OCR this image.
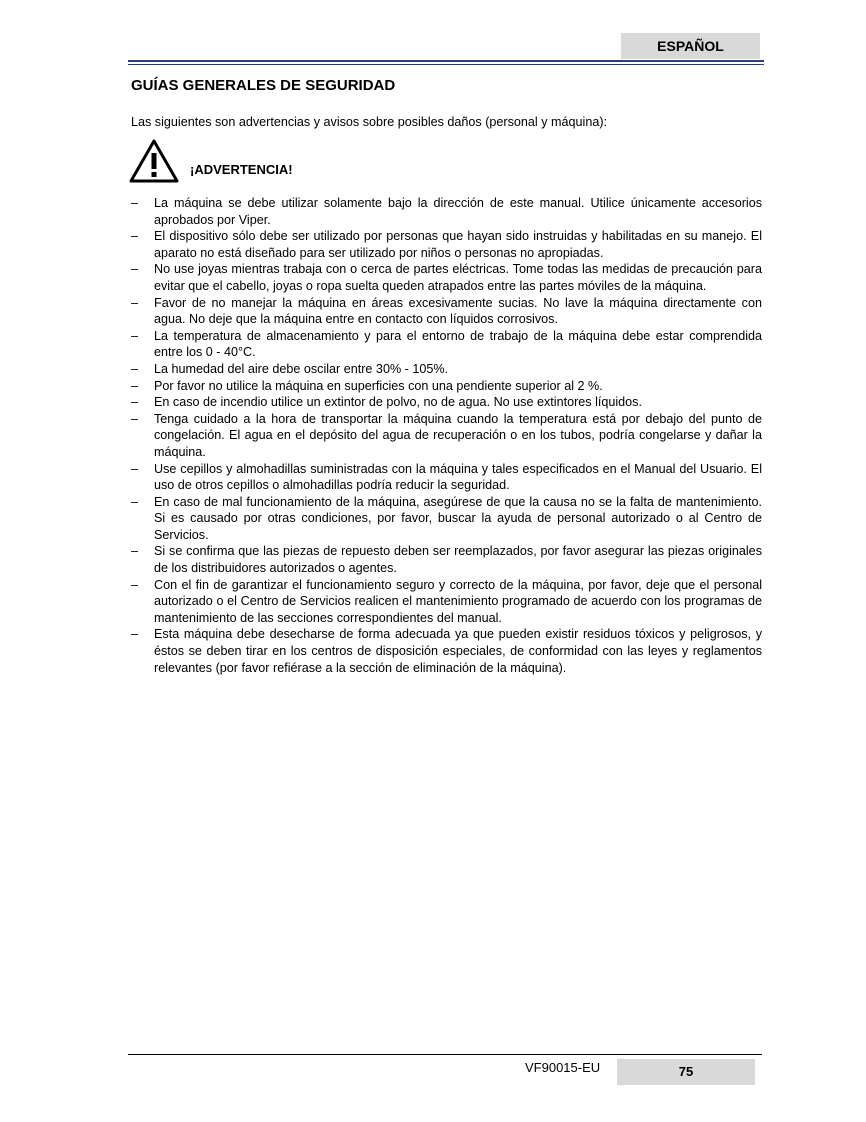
ESPAÑOL
GUÍAS GENERALES DE SEGURIDAD

Las siguientes son advertencias y avisos sobre posibles daños (personal y máquina):

¡ADVERTENCIA!
– La máquina se debe utilizar solamente bajo la dirección de este manual. Utilice únicamente accesorios aprobados por Viper.
– El dispositivo sólo debe ser utilizado por personas que hayan sido instruidas y habilitadas en su manejo. El aparato no está diseñado para ser utilizado por niños o personas no apropiadas.
– No use joyas mientras trabaja con o cerca de partes eléctricas. Tome todas las medidas de precaución para evitar que el cabello, joyas o ropa suelta queden atrapados entre las partes móviles de la máquina.
– Favor de no manejar la máquina en áreas excesivamente sucias. No lave la máquina directamente con agua. No deje que la máquina entre en contacto con líquidos corrosivos.
– La temperatura de almacenamiento y para el entorno de trabajo de la máquina debe estar comprendida entre los 0 - 40°C.
– La humedad del aire debe oscilar entre 30% - 105%.
– Por favor no utilice la máquina en superficies con una pendiente superior al 2 %.
– En caso de incendio utilice un extintor de polvo, no de agua. No use extintores líquidos.
– Tenga cuidado a la hora de transportar la máquina cuando la temperatura está por debajo del punto de congelación. El agua en el depósito del agua de recuperación o en los tubos, podría congelarse y dañar la máquina.
– Use cepillos y almohadillas suministradas con la máquina y tales especificados en el Manual del Usuario. El uso de otros cepillos o almohadillas podría reducir la seguridad.
– En caso de mal funcionamiento de la máquina, asegúrese de que la causa no se la falta de mantenimiento. Si es causado por otras condiciones, por favor, buscar la ayuda de personal autorizado o al Centro de Servicios.
– Si se confirma que las piezas de repuesto deben ser reemplazados, por favor asegurar las piezas originales de los distribuidores autorizados o agentes.
– Con el fin de garantizar el funcionamiento seguro y correcto de la máquina, por favor, deje que el personal autorizado o el Centro de Servicios realicen el mantenimiento programado de acuerdo con los programas de mantenimiento de las secciones correspondientes del manual.
– Esta máquina debe desecharse de forma adecuada ya que pueden existir residuos tóxicos y peligrosos, y éstos se deben tirar en los centros de disposición especiales, de conformidad con las leyes y reglamentos relevantes (por favor refiérase a la sección de eliminación de la máquina).
VF90015-EU	75
